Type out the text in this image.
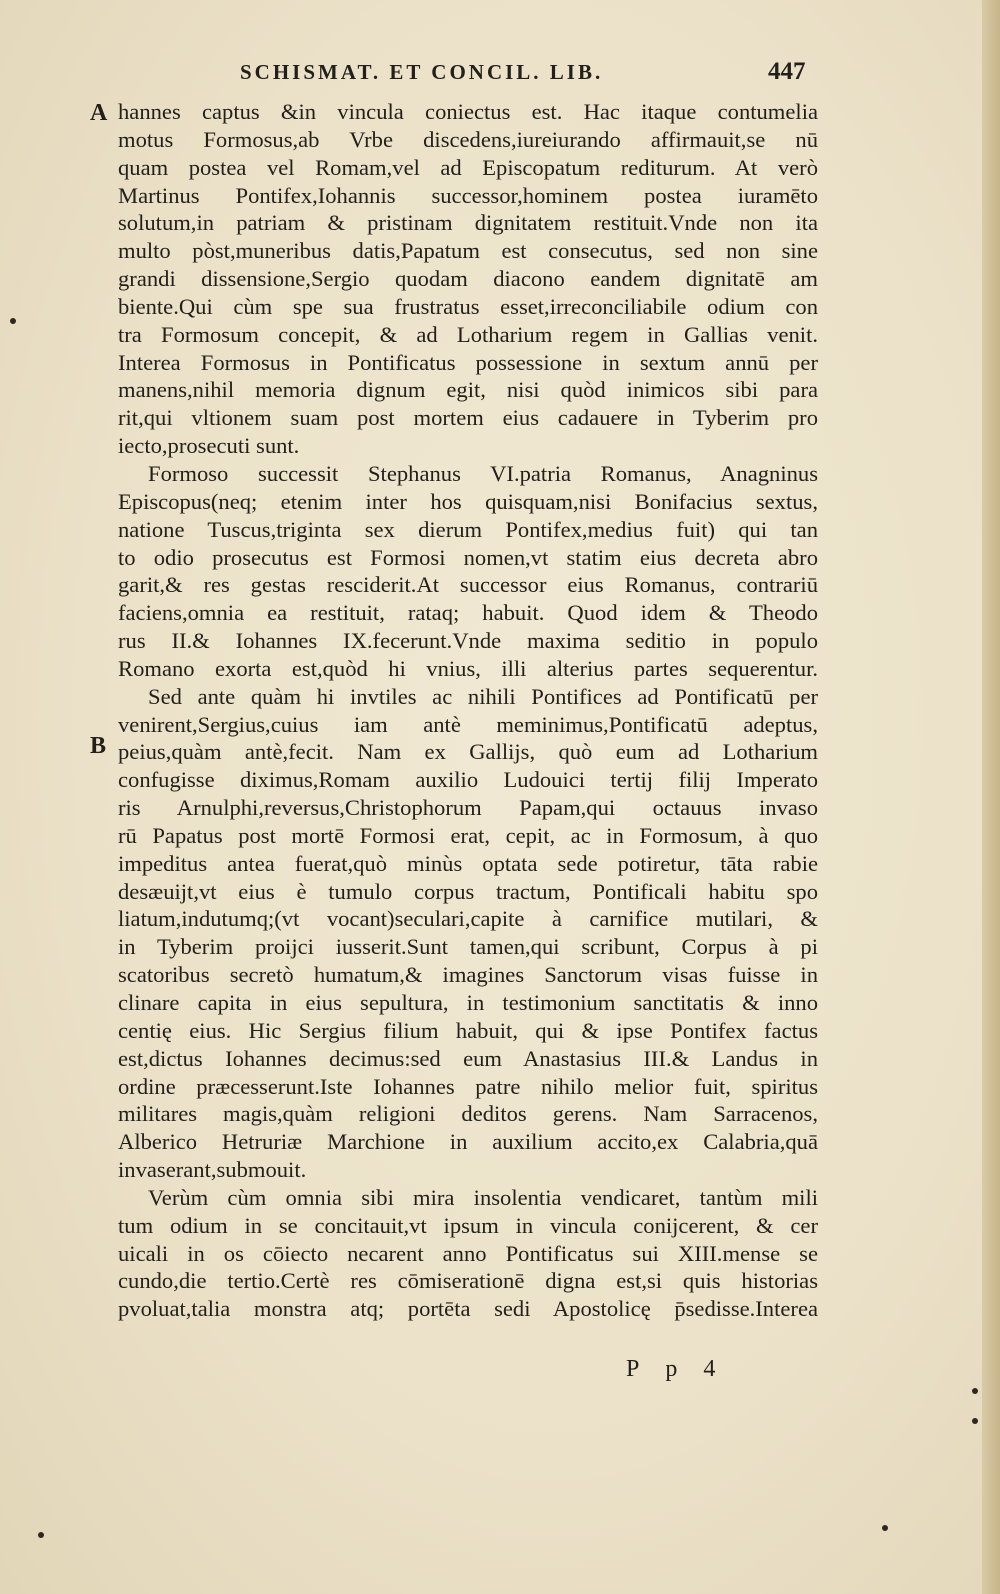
SCHISMAT. ET CONCIL. LIB.	447
A
B
hannes captus &in vincula coniectus est. Hac itaque contumelia
motus Formosus,ab Vrbe discedens,iureiurando affirmauit,se nū
quam postea vel Romam,vel ad Episcopatum rediturum. At verò
Martinus Pontifex,Iohannis successor,hominem postea iuramēto
solutum,in patriam & pristinam dignitatem restituit.Vnde non ita
multo pòst,muneribus datis,Papatum est consecutus, sed non sine
grandi dissensione,Sergio quodam diacono eandem dignitatē am
biente.Qui cùm spe sua frustratus esset,irreconciliabile odium con
tra Formosum concepit, & ad Lotharium regem in Gallias venit.
Interea Formosus in Pontificatus possessione in sextum annū per
manens,nihil memoria dignum egit, nisi quòd inimicos sibi para
rit,qui vltionem suam post mortem eius cadauere in Tyberim pro
iecto,prosecuti sunt.
Formoso successit Stephanus VI.patria Romanus, Anagninus
Episcopus(neq; etenim inter hos quisquam,nisi Bonifacius sextus,
natione Tuscus,triginta sex dierum Pontifex,medius fuit) qui tan
to odio prosecutus est Formosi nomen,vt statim eius decreta abro
garit,& res gestas resciderit.At successor eius Romanus, contrariū
faciens,omnia ea restituit, rataq; habuit. Quod idem & Theodo
rus II.& Iohannes IX.fecerunt.Vnde maxima seditio in populo
Romano exorta est,quòd hi vnius, illi alterius partes sequerentur.
Sed ante quàm hi invtiles ac nihili Pontifices ad Pontificatū per
venirent,Sergius,cuius iam antè meminimus,Pontificatū adeptus,
peius,quàm antè,fecit. Nam ex Gallijs, quò eum ad Lotharium
confugisse diximus,Romam auxilio Ludouici tertij filij Imperato
ris Arnulphi,reversus,Christophorum Papam,qui octauus invaso
rū Papatus post mortē Formosi erat, cepit, ac in Formosum, à quo
impeditus antea fuerat,quò minùs optata sede potiretur, tāta rabie
desæuijt,vt eius è tumulo corpus tractum, Pontificali habitu spo
liatum,indutumq;(vt vocant)seculari,capite à carnifice mutilari, &
in Tyberim proijci iusserit.Sunt tamen,qui scribunt, Corpus à pi
scatoribus secretò humatum,& imagines Sanctorum visas fuisse in
clinare capita in eius sepultura, in testimonium sanctitatis & inno
centię eius. Hic Sergius filium habuit, qui & ipse Pontifex factus
est,dictus Iohannes decimus:sed eum Anastasius III.& Landus in
ordine præcesserunt.Iste Iohannes patre nihilo melior fuit, spiritus
militares magis,quàm religioni deditos gerens. Nam Sarracenos,
Alberico Hetruriæ Marchione in auxilium accito,ex Calabria,quā
invaserant,submouit.
Verùm cùm omnia sibi mira insolentia vendicaret, tantùm mili
tum odium in se concitauit,vt ipsum in vincula conijcerent, & cer
uicali in os cōiecto necarent anno Pontificatus sui XIII.mense se
cundo,die tertio.Certè res cōmiserationē digna est,si quis historias
pvoluat,talia monstra atq; portēta sedi Apostolicę p̄sedisse.Interea
Pp4
